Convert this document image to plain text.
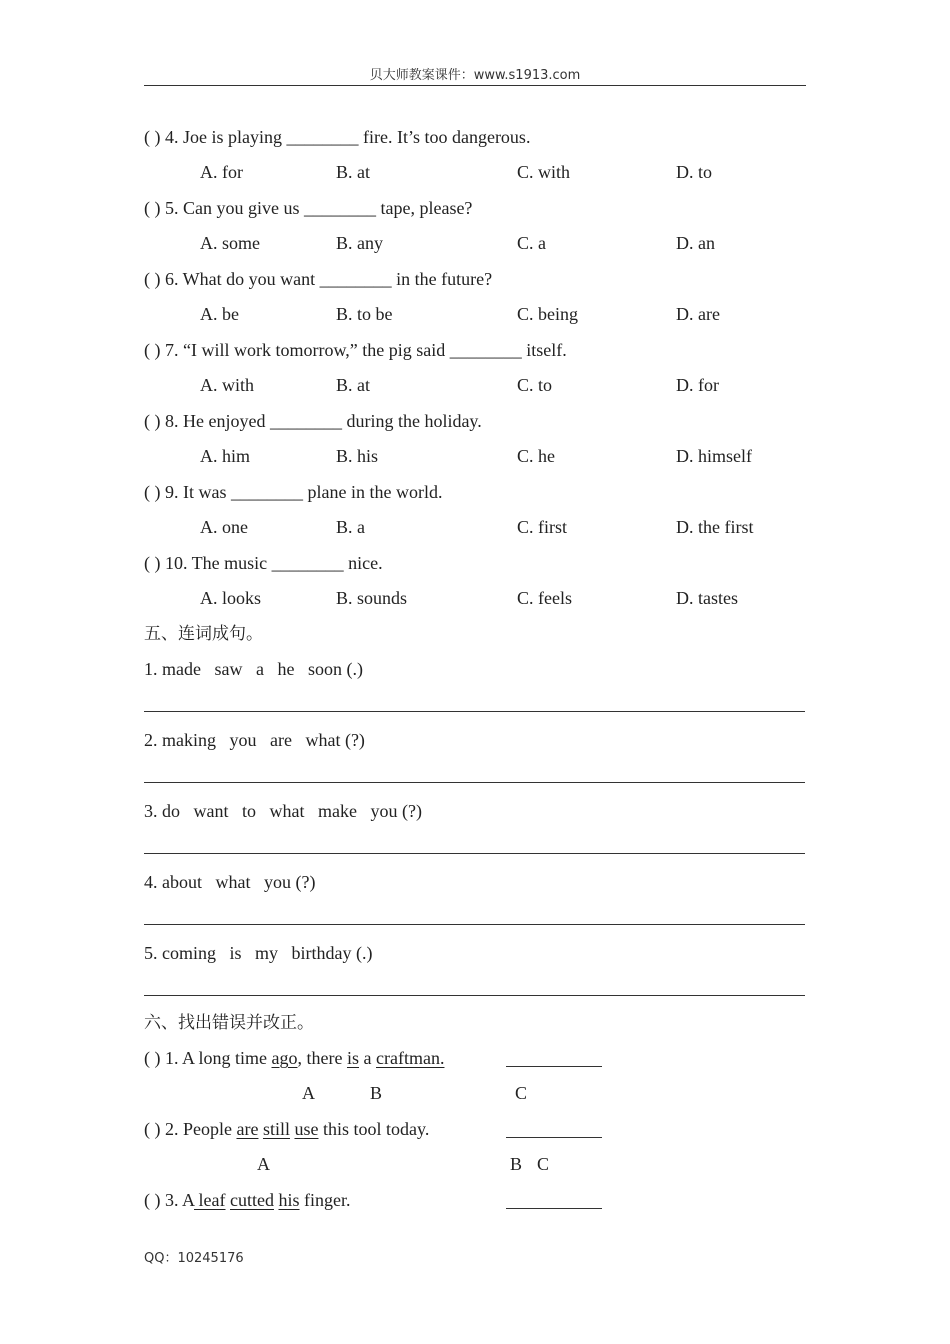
贝大师教案课件：www.s1913.com
( ) 4. Joe is playing ________ fire. It’s too dangerous.
A. for	B. at	C. with	D. to
( ) 5. Can you give us ________ tape, please?
A. some	B. any	C. a	D. an
( ) 6. What do you want ________ in the future?
A. be	B. to be	C. being	D. are
( ) 7. “I will work tomorrow,” the pig said ________ itself.
A. with	B. at	C. to	D. for
( ) 8. He enjoyed ________ during the holiday.
A. him	B. his	C. he	D. himself
( ) 9. It was ________ plane in the world.
A. one	B. a	C. first	D. the first
( ) 10. The music ________ nice.
A. looks	B. sounds	C. feels	D. tastes
五、连词成句。
1. made   saw   a   he   soon (.)
2. making   you   are   what (?)
3. do   want   to   what   make   you (?)
4. about   what   you (?)
5. coming   is   my   birthday (.)
六、找出错误并改正。
( ) 1. A long time ago, there is a craftman.
A	B	C
( ) 2. People are still use this tool today.
A	B C
( ) 3. A leaf cutted his finger.
QQ：10245176
